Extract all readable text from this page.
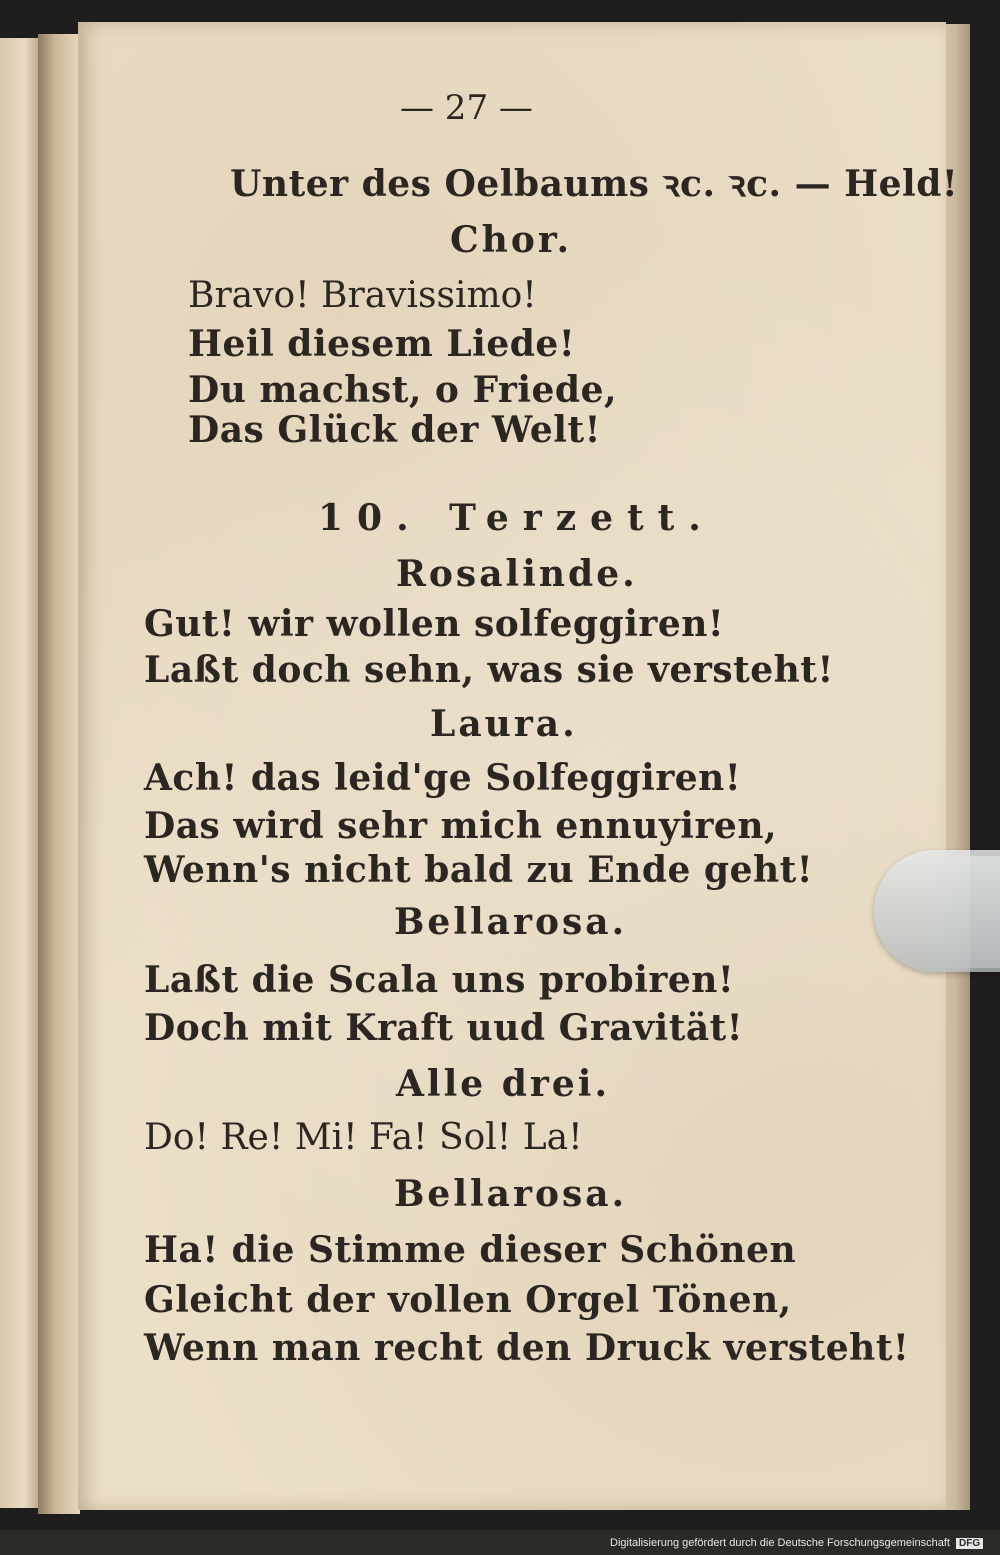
— 27 —
Unter des Oelbaums ꝛc. ꝛc. — Held!
Chor.
Bravo! Bravissimo!
Heil diesem Liede!
Du machst, o Friede,
Das Glück der Welt!
10. Terzett.
Rosalinde.
Gut! wir wollen solfeggiren!
Laßt doch sehn, was sie versteht!
Laura.
Ach! das leid'ge Solfeggiren!
Das wird sehr mich ennuyiren,
Wenn's nicht bald zu Ende geht!
Bellarosa.
Laßt die Scala uns probiren!
Doch mit Kraft uud Gravität!
Alle drei.
Do! Re! Mi! Fa! Sol! La!
Bellarosa.
Ha! die Stimme dieser Schönen
Gleicht der vollen Orgel Tönen,
Wenn man recht den Druck versteht!
Digitalisierung gefördert durch die Deutsche Forschungsgemeinschaft DFG
